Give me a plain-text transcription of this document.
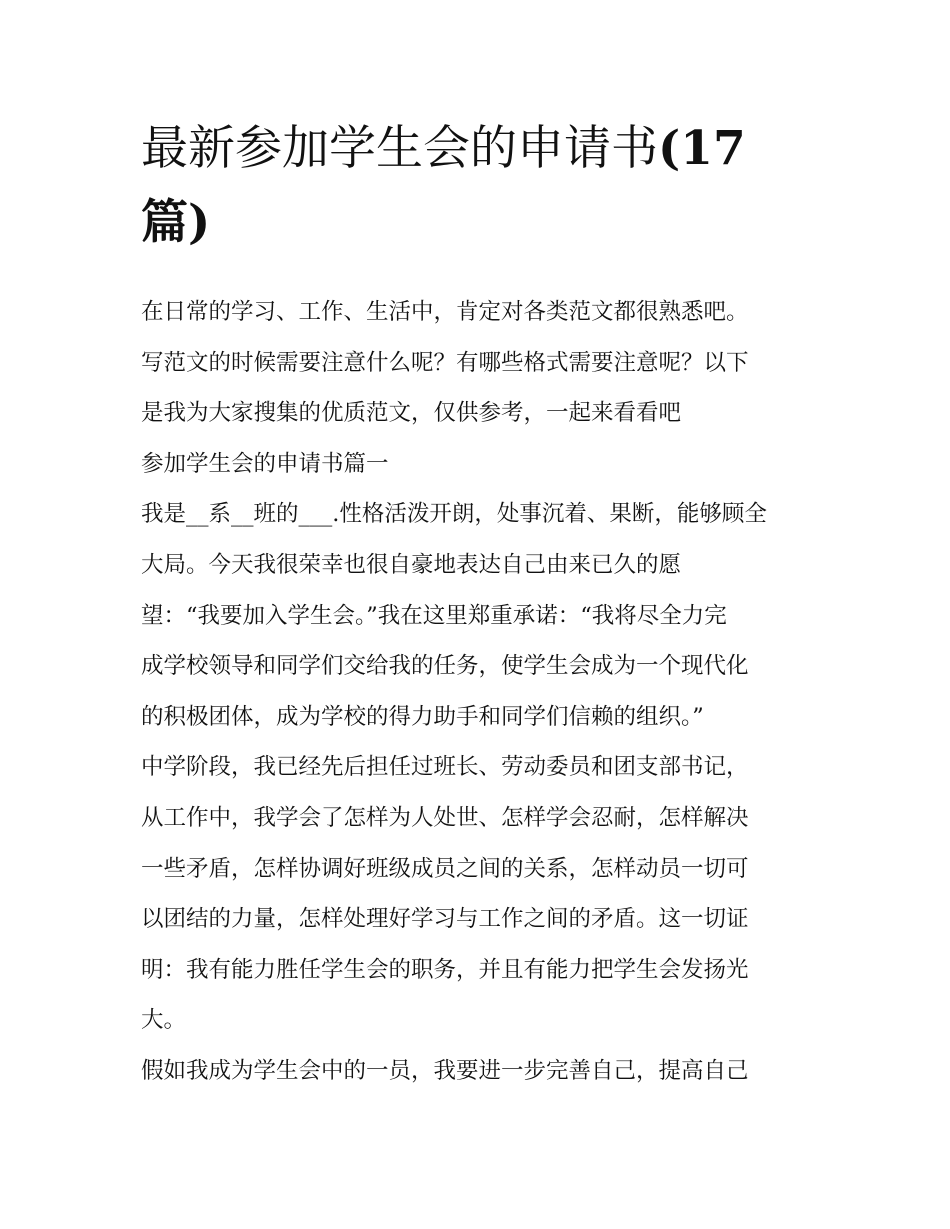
最新参加学生会的申请书(17
篇)
在日常的学习、工作、生活中，肯定对各类范文都很熟悉吧。
写范文的时候需要注意什么呢？有哪些格式需要注意呢？以下
是我为大家搜集的优质范文，仅供参考，一起来看看吧
参加学生会的申请书篇一
我是__系__班的___.性格活泼开朗，处事沉着、果断，能够顾全
大局。今天我很荣幸也很自豪地表达自己由来已久的愿
望：“我要加入学生会。”我在这里郑重承诺：“我将尽全力完
成学校领导和同学们交给我的任务，使学生会成为一个现代化
的积极团体，成为学校的得力助手和同学们信赖的组织。”
中学阶段，我已经先后担任过班长、劳动委员和团支部书记，
从工作中，我学会了怎样为人处世、怎样学会忍耐，怎样解决
一些矛盾，怎样协调好班级成员之间的关系，怎样动员一切可
以团结的力量，怎样处理好学习与工作之间的矛盾。这一切证
明：我有能力胜任学生会的职务，并且有能力把学生会发扬光
大。
假如我成为学生会中的一员，我要进一步完善自己，提高自己
